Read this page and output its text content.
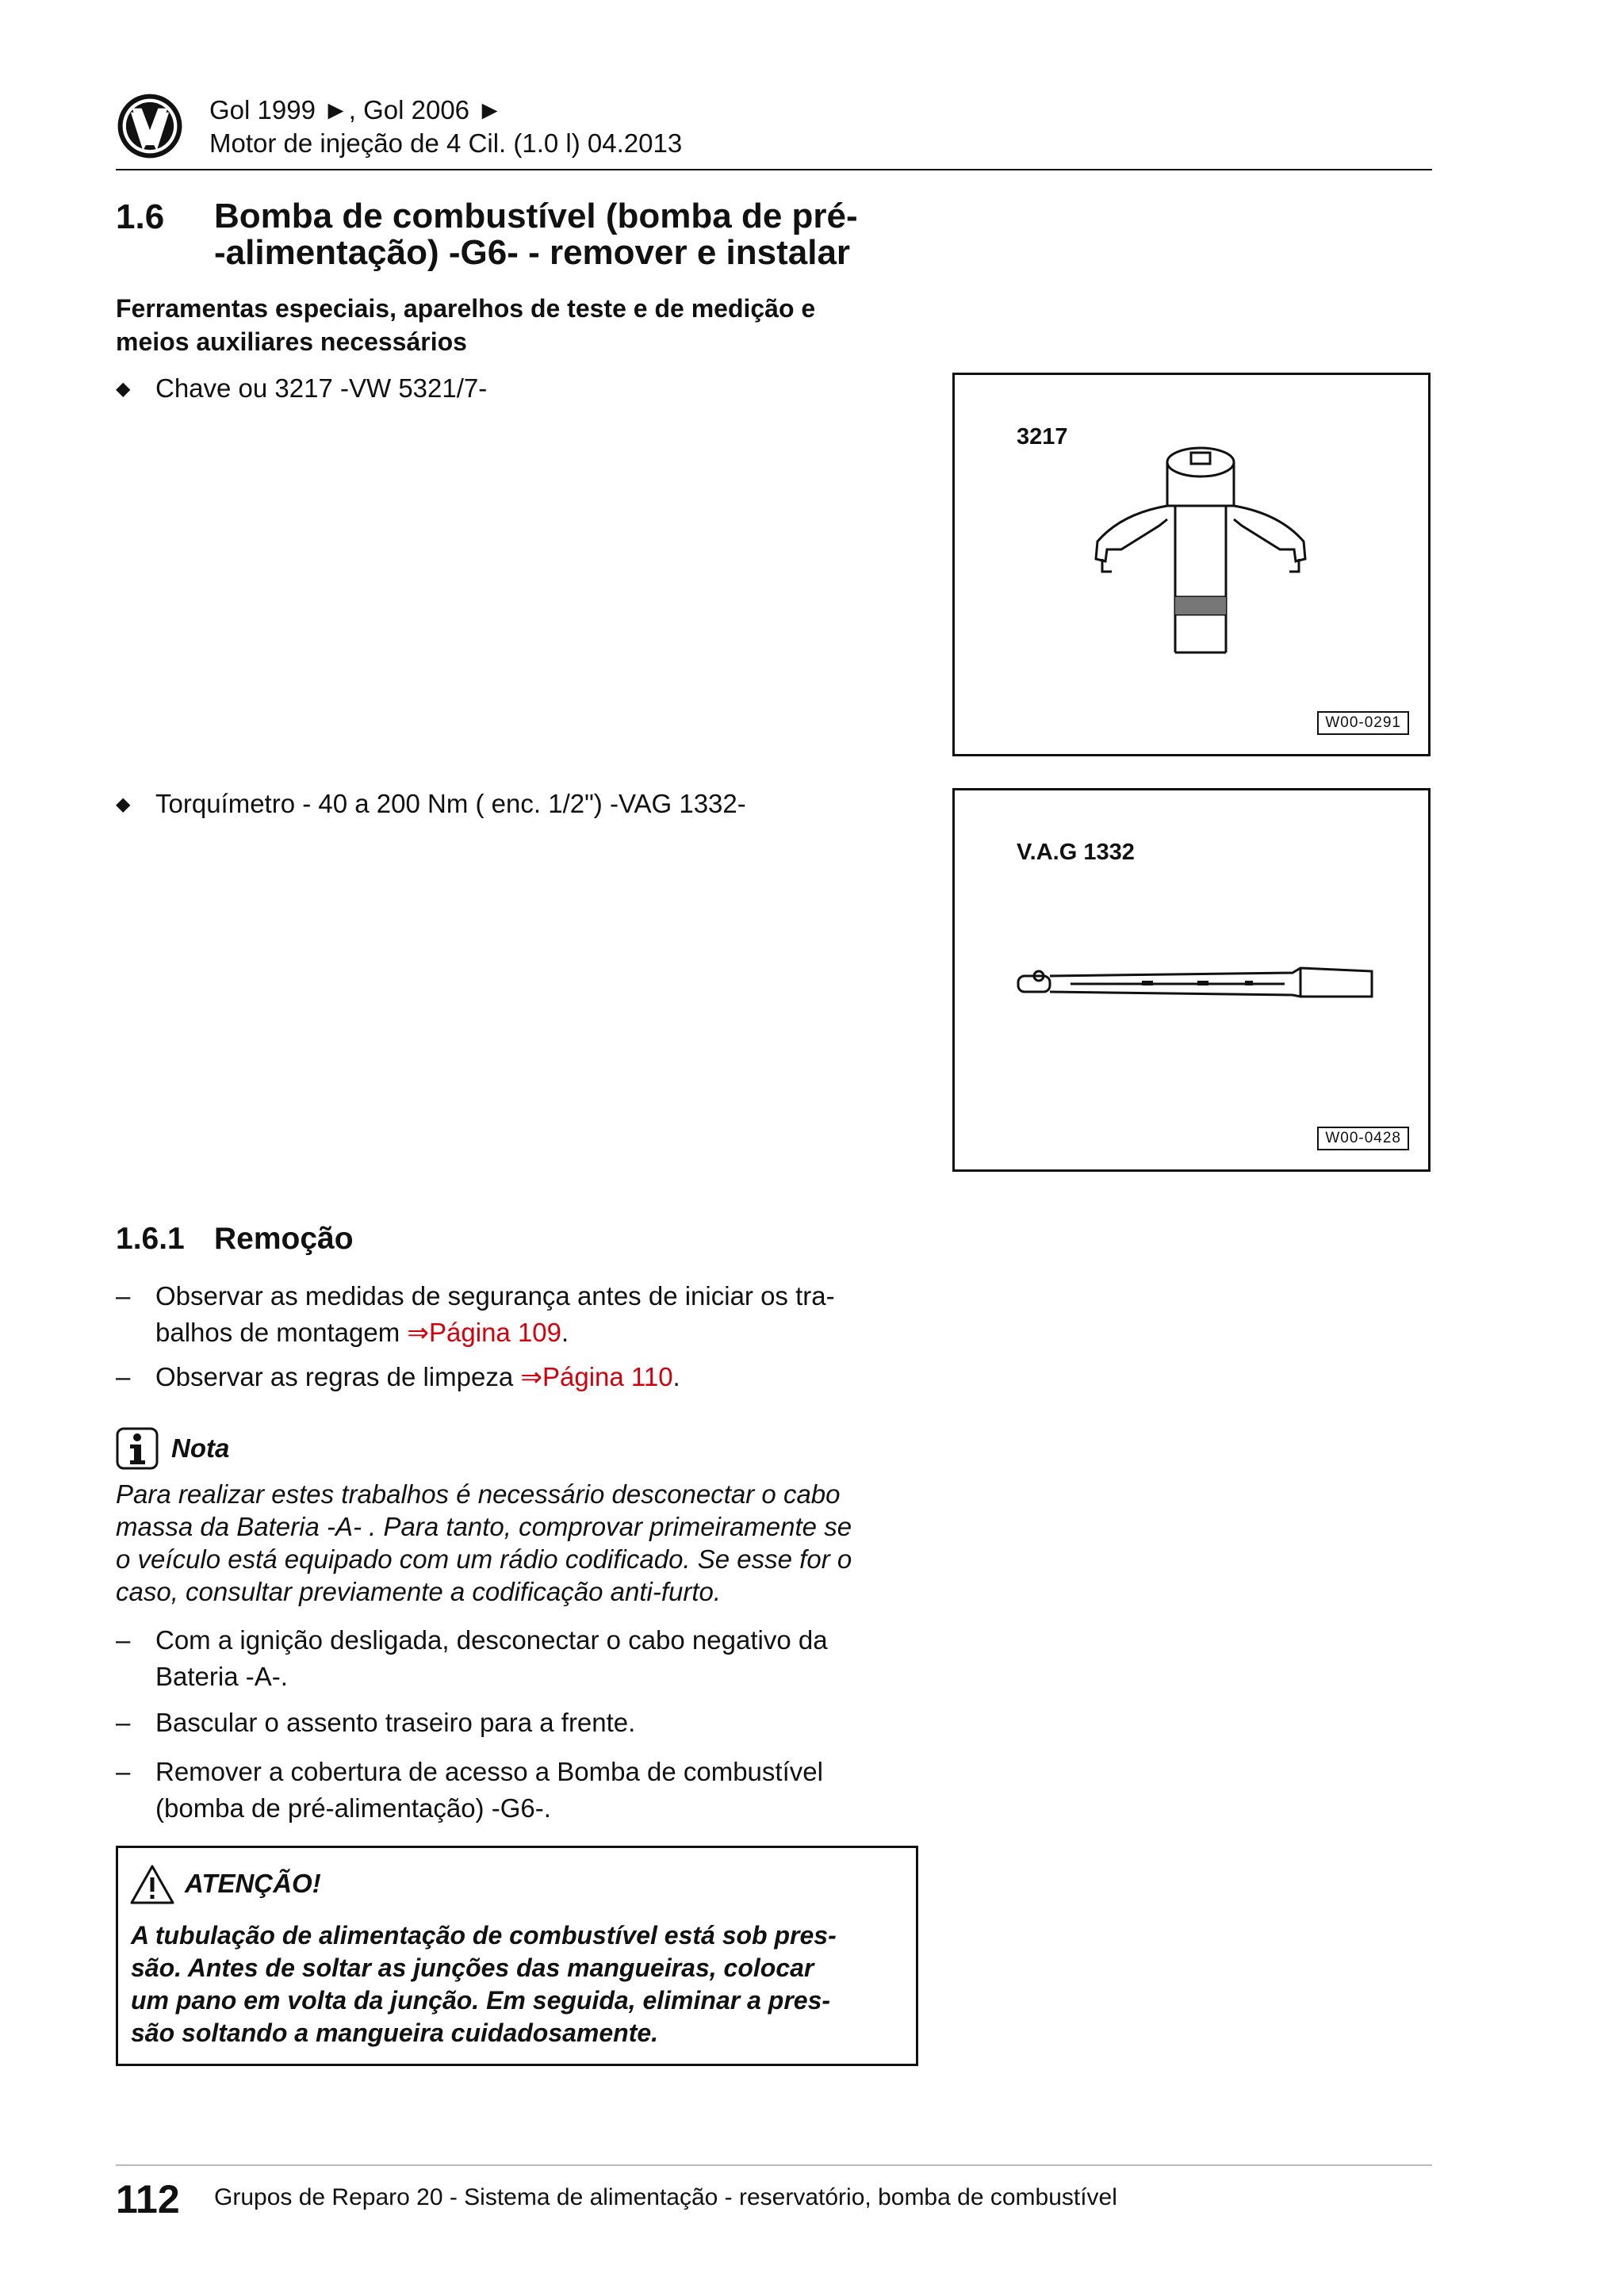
Gol 1999 ►, Gol 2006 ►
Motor de injeção de 4 Cil. (1.0 l) 04.2013
1.6 Bomba de combustível (bomba de pré-
-alimentação) -G6- - remover e instalar
Ferramentas especiais, aparelhos de teste e de medição e
meios auxiliares necessários
◆ Chave ou 3217 -VW 5321/7-
3217
W00-0291
◆ Torquímetro - 40 a 200 Nm ( enc. 1/2") -VAG 1332-
V.A.G 1332
W00-0428
1.6.1 Remoção
– Observar as medidas de segurança antes de iniciar os tra-
balhos de montagem ⇒Página 109.
– Observar as regras de limpeza ⇒Página 110.
Nota
Para realizar estes trabalhos é necessário desconectar o cabo
massa da Bateria -A- . Para tanto, comprovar primeiramente se
o veículo está equipado com um rádio codificado. Se esse for o
caso, consultar previamente a codificação anti-furto.
– Com a ignição desligada, desconectar o cabo negativo da
Bateria -A-.
– Bascular o assento traseiro para a frente.
– Remover a cobertura de acesso a Bomba de combustível
(bomba de pré-alimentação) -G6-.
ATENÇÃO!
A tubulação de alimentação de combustível está sob pres-
são. Antes de soltar as junções das mangueiras, colocar
um pano em volta da junção. Em seguida, eliminar a pres-
são soltando a mangueira cuidadosamente.
112 Grupos de Reparo 20 - Sistema de alimentação - reservatório, bomba de combustível
